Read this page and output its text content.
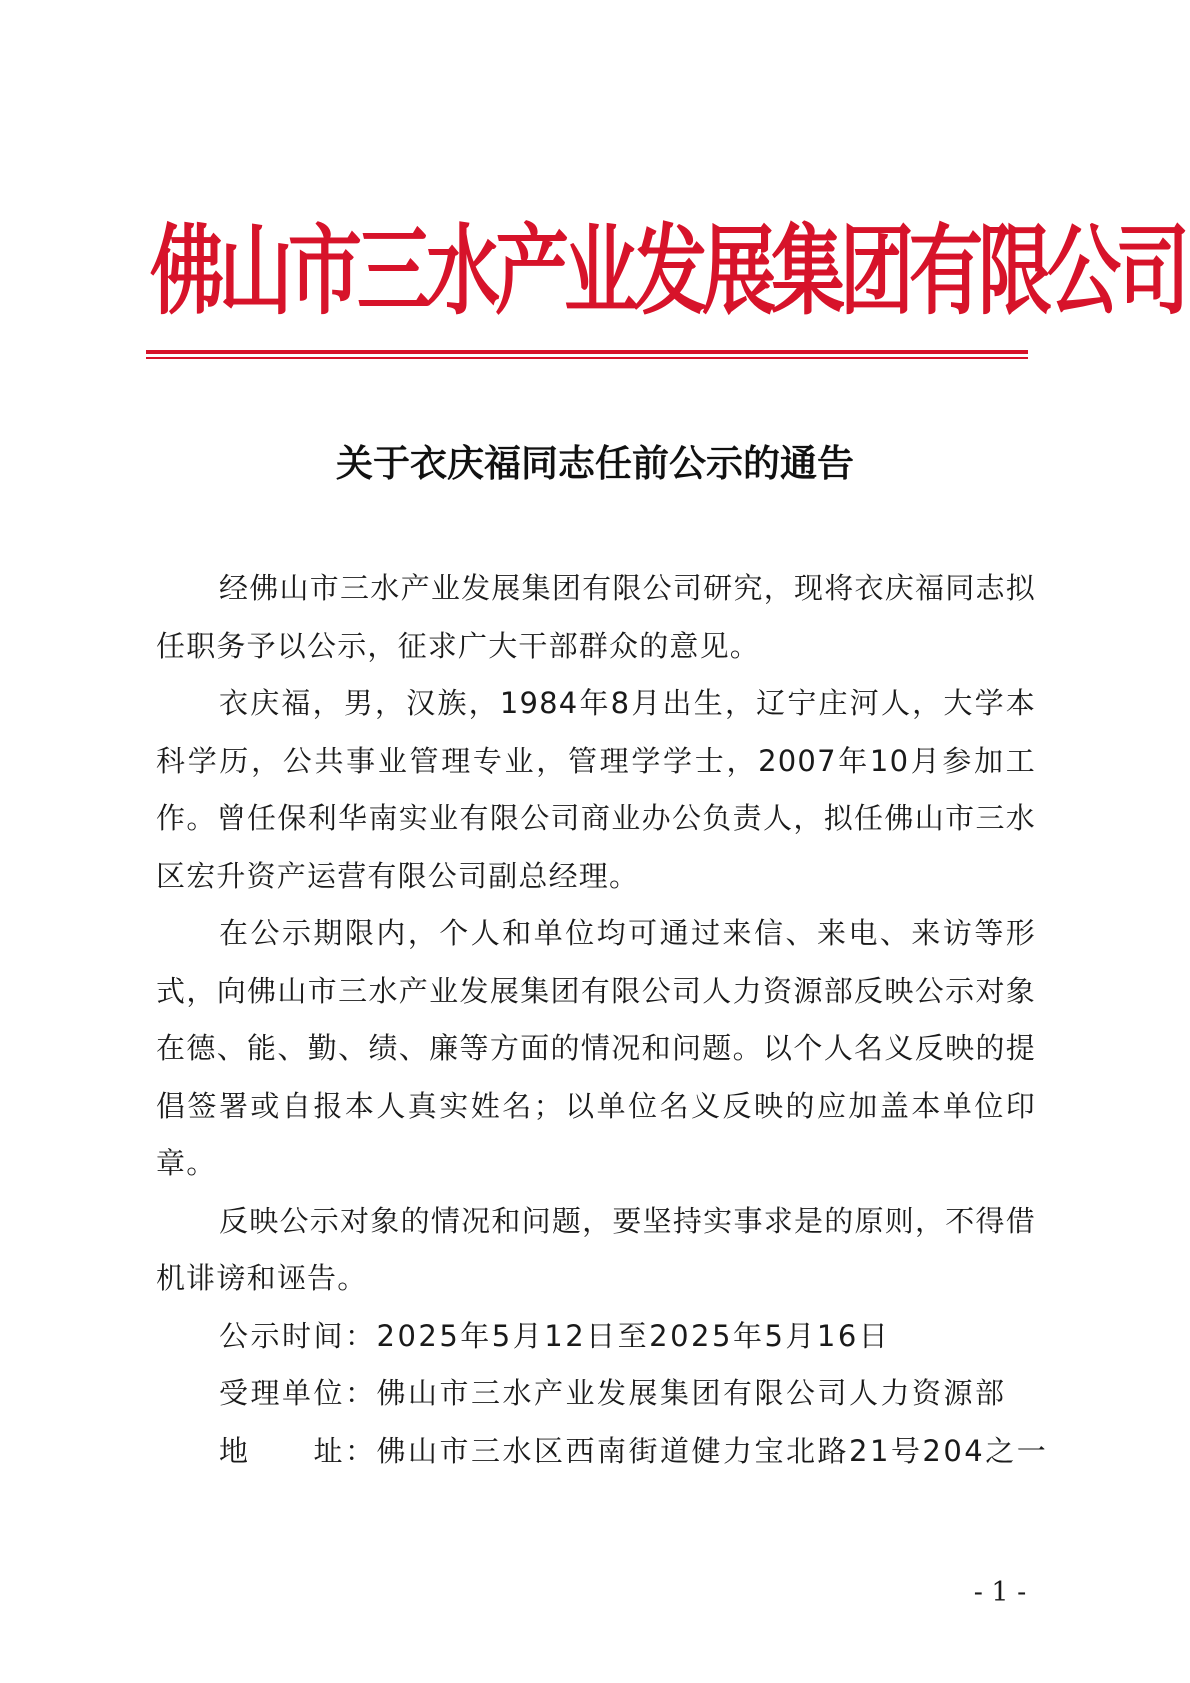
佛山市三水产业发展集团有限公司
关于衣庆福同志任前公示的通告

经佛山市三水产业发展集团有限公司研究，现将衣庆福同志拟任职务予以公示，征求广大干部群众的意见。

衣庆福，男，汉族，1984年8月出生，辽宁庄河人，大学本科学历，公共事业管理专业，管理学学士，2007年10月参加工作。曾任保利华南实业有限公司商业办公负责人，拟任佛山市三水区宏升资产运营有限公司副总经理。

在公示期限内，个人和单位均可通过来信、来电、来访等形式，向佛山市三水产业发展集团有限公司人力资源部反映公示对象在德、能、勤、绩、廉等方面的情况和问题。以个人名义反映的提倡签署或自报本人真实姓名；以单位名义反映的应加盖本单位印章。

反映公示对象的情况和问题，要坚持实事求是的原则，不得借机诽谤和诬告。

公示时间：2025年5月12日至2025年5月16日

受理单位：佛山市三水产业发展集团有限公司人力资源部

地　　址：佛山市三水区西南街道健力宝北路21号204之一

- 1 -
